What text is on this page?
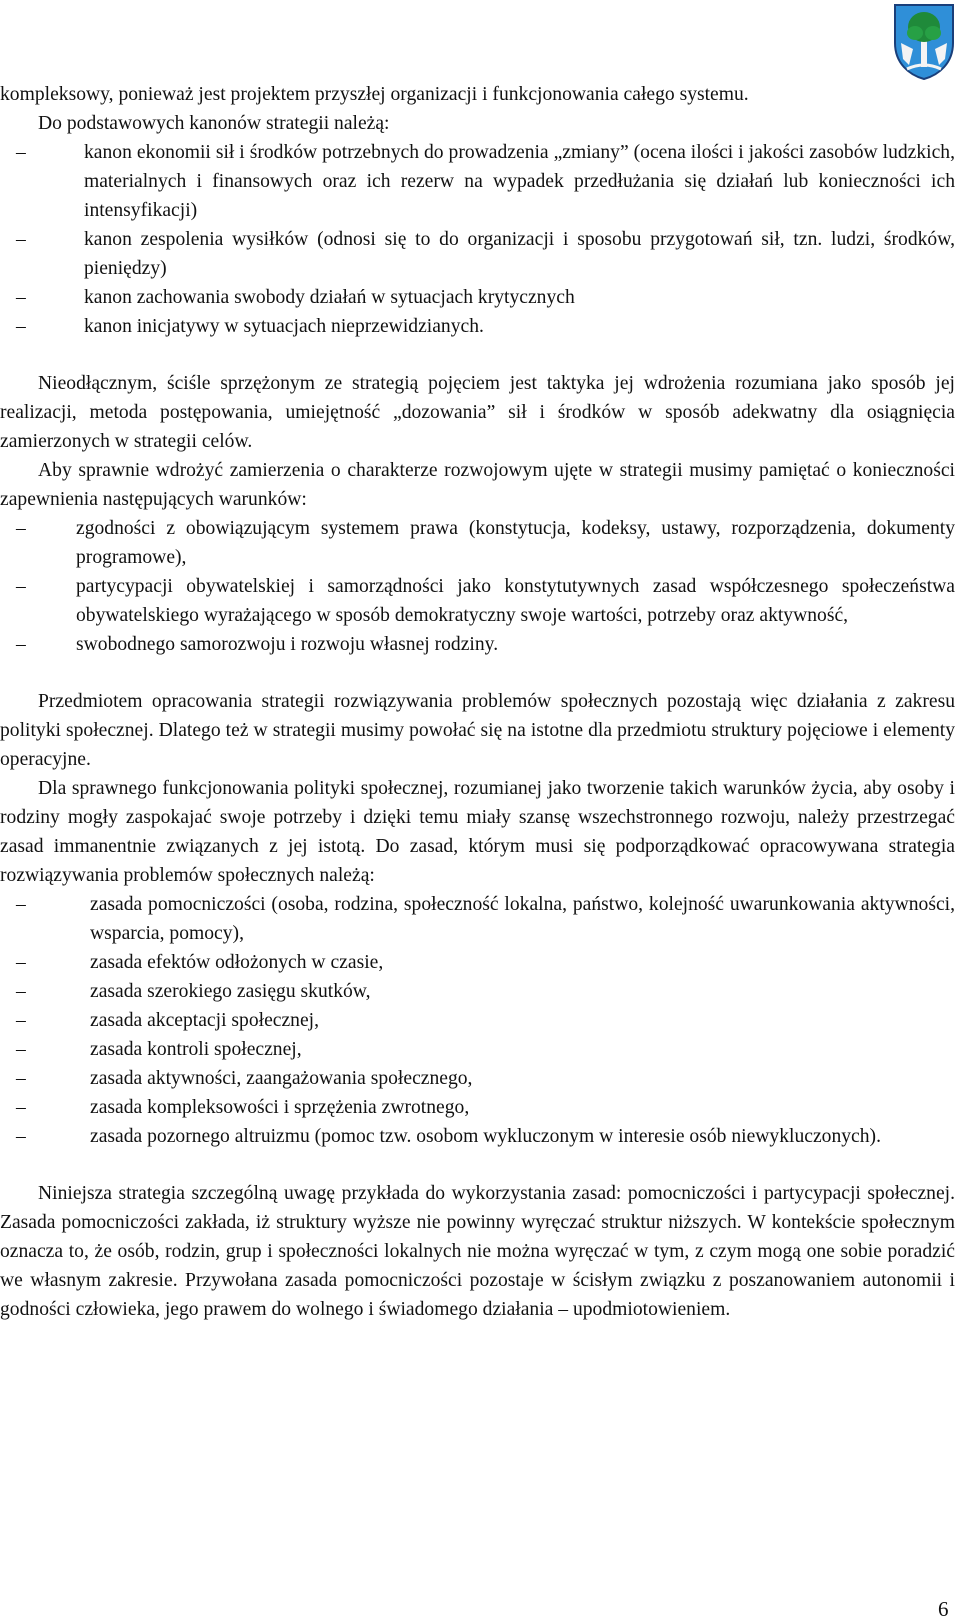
kompleksowy, ponieważ jest projektem przyszłej organizacji i funkcjonowania całego systemu.

Do podstawowych kanonów strategii należą:

–	kanon ekonomii sił i środków potrzebnych do prowadzenia „zmiany” (ocena ilości i jakości zasobów ludzkich, materialnych i finansowych oraz ich rezerw na wypadek przedłużania się działań lub konieczności ich intensyfikacji)
–	kanon zespolenia wysiłków (odnosi się to do organizacji i sposobu przygotowań sił, tzn. ludzi, środków, pieniędzy)
–	kanon zachowania swobody działań w sytuacjach krytycznych
–	kanon inicjatywy w sytuacjach nieprzewidzianych.

Nieodłącznym, ściśle sprzężonym ze strategią pojęciem jest taktyka jej wdrożenia rozumiana jako sposób jej realizacji, metoda postępowania, umiejętność „dozowania” sił i środków w sposób adekwatny dla osiągnięcia zamierzonych w strategii celów.

Aby sprawnie wdrożyć zamierzenia o charakterze rozwojowym ujęte w strategii musimy pamiętać o konieczności zapewnienia następujących warunków:

–	zgodności z obowiązującym systemem prawa (konstytucja, kodeksy, ustawy, rozporządzenia, dokumenty programowe),
–	partycypacji obywatelskiej i samorządności jako konstytutywnych zasad współczesnego społeczeństwa obywatelskiego wyrażającego w sposób demokratyczny swoje wartości, potrzeby oraz aktywność,
–	swobodnego samorozwoju i rozwoju własnej rodziny.

Przedmiotem opracowania strategii rozwiązywania problemów społecznych pozostają więc działania z zakresu polityki społecznej. Dlatego też w strategii musimy powołać się na istotne dla przedmiotu struktury pojęciowe i elementy operacyjne.

Dla sprawnego funkcjonowania polityki społecznej, rozumianej jako tworzenie takich warunków życia, aby osoby i rodziny mogły zaspokajać swoje potrzeby i dzięki temu miały szansę wszechstronnego rozwoju, należy przestrzegać zasad immanentnie związanych z jej istotą. Do zasad, którym musi się podporządkować opracowywana strategia rozwiązywania problemów społecznych należą:

–	zasada pomocniczości (osoba, rodzina, społeczność lokalna, państwo, kolejność uwarunkowania aktywności, wsparcia, pomocy),
–	zasada efektów odłożonych w czasie,
–	zasada szerokiego zasięgu skutków,
–	zasada akceptacji społecznej,
–	zasada kontroli społecznej,
–	zasada aktywności, zaangażowania społecznego,
–	zasada kompleksowości i sprzężenia zwrotnego,
–	zasada pozornego altruizmu (pomoc tzw. osobom wykluczonym w interesie osób niewykluczonych).

Niniejsza strategia szczególną uwagę przykłada do wykorzystania zasad: pomocniczości i partycypacji społecznej. Zasada pomocniczości zakłada, iż struktury wyższe nie powinny wyręczać struktur niższych. W kontekście społecznym oznacza to, że osób, rodzin, grup i społeczności lokalnych nie można wyręczać w tym, z czym mogą one sobie poradzić we własnym zakresie. Przywołana zasada pomocniczości pozostaje w ścisłym związku z poszanowaniem autonomii i godności człowieka, jego prawem do wolnego i świadomego działania – upodmiotowieniem.

6
